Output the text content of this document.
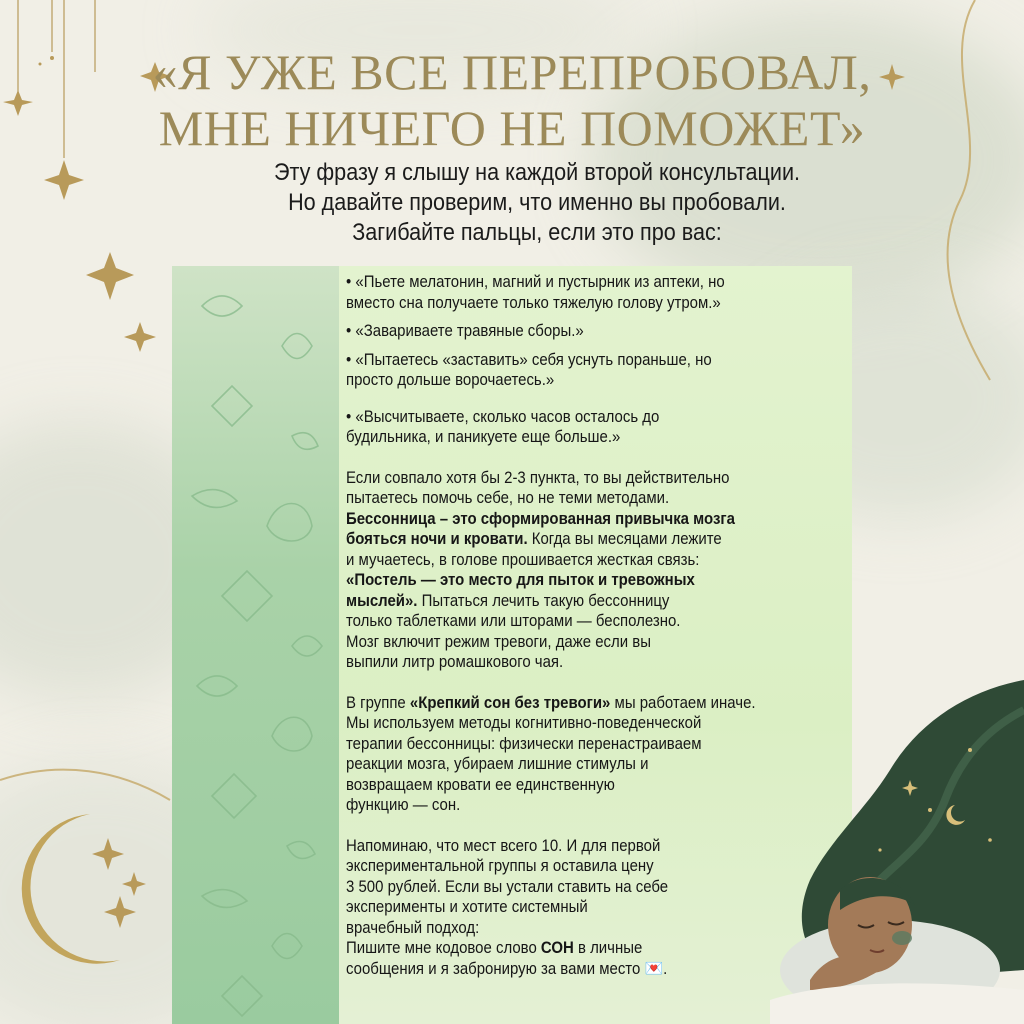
«Я УЖЕ ВСЕ ПЕРЕПРОБОВАЛ,
МНЕ НИЧЕГО НЕ ПОМОЖЕТ»
Эту фразу я слышу на каждой второй консультации.
Но давайте проверим, что именно вы пробовали.
Загибайте пальцы, если это про вас:

• «Пьете мелатонин, магний и пустырник из аптеки, но
вместо сна получаете только тяжелую голову утром.»

• «Завариваете травяные сборы.»

• «Пытаетесь «заставить» себя уснуть пораньше, но
просто дольше ворочаетесь.»

• «Высчитываете, сколько часов осталось до
будильника, и паникуете еще больше.»

Если совпало хотя бы 2-3 пункта, то вы действительно
пытаетесь помочь себе, но не теми методами.
Бессонница – это сформированная привычка мозга
бояться ночи и кровати. Когда вы месяцами лежите
и мучаетесь, в голове прошивается жесткая связь:
«Постель — это место для пыток и тревожных
мыслей». Пытаться лечить такую бессонницу
только таблетками или шторами — бесполезно.
Мозг включит режим тревоги, даже если вы
выпили литр ромашкового чая.

В группе «Крепкий сон без тревоги» мы работаем иначе.
Мы используем методы когнитивно-поведенческой
терапии бессонницы: физически перенастраиваем
реакции мозга, убираем лишние стимулы и
возвращаем кровати ее единственную
функцию — сон.

Напоминаю, что мест всего 10. И для первой
экспериментальной группы я оставила цену
3 500 рублей. Если вы устали ставить на себе
эксперименты и хотите системный
врачебный подход:
Пишите мне кодовое слово СОН в личные
сообщения и я забронирую за вами место 💌.
